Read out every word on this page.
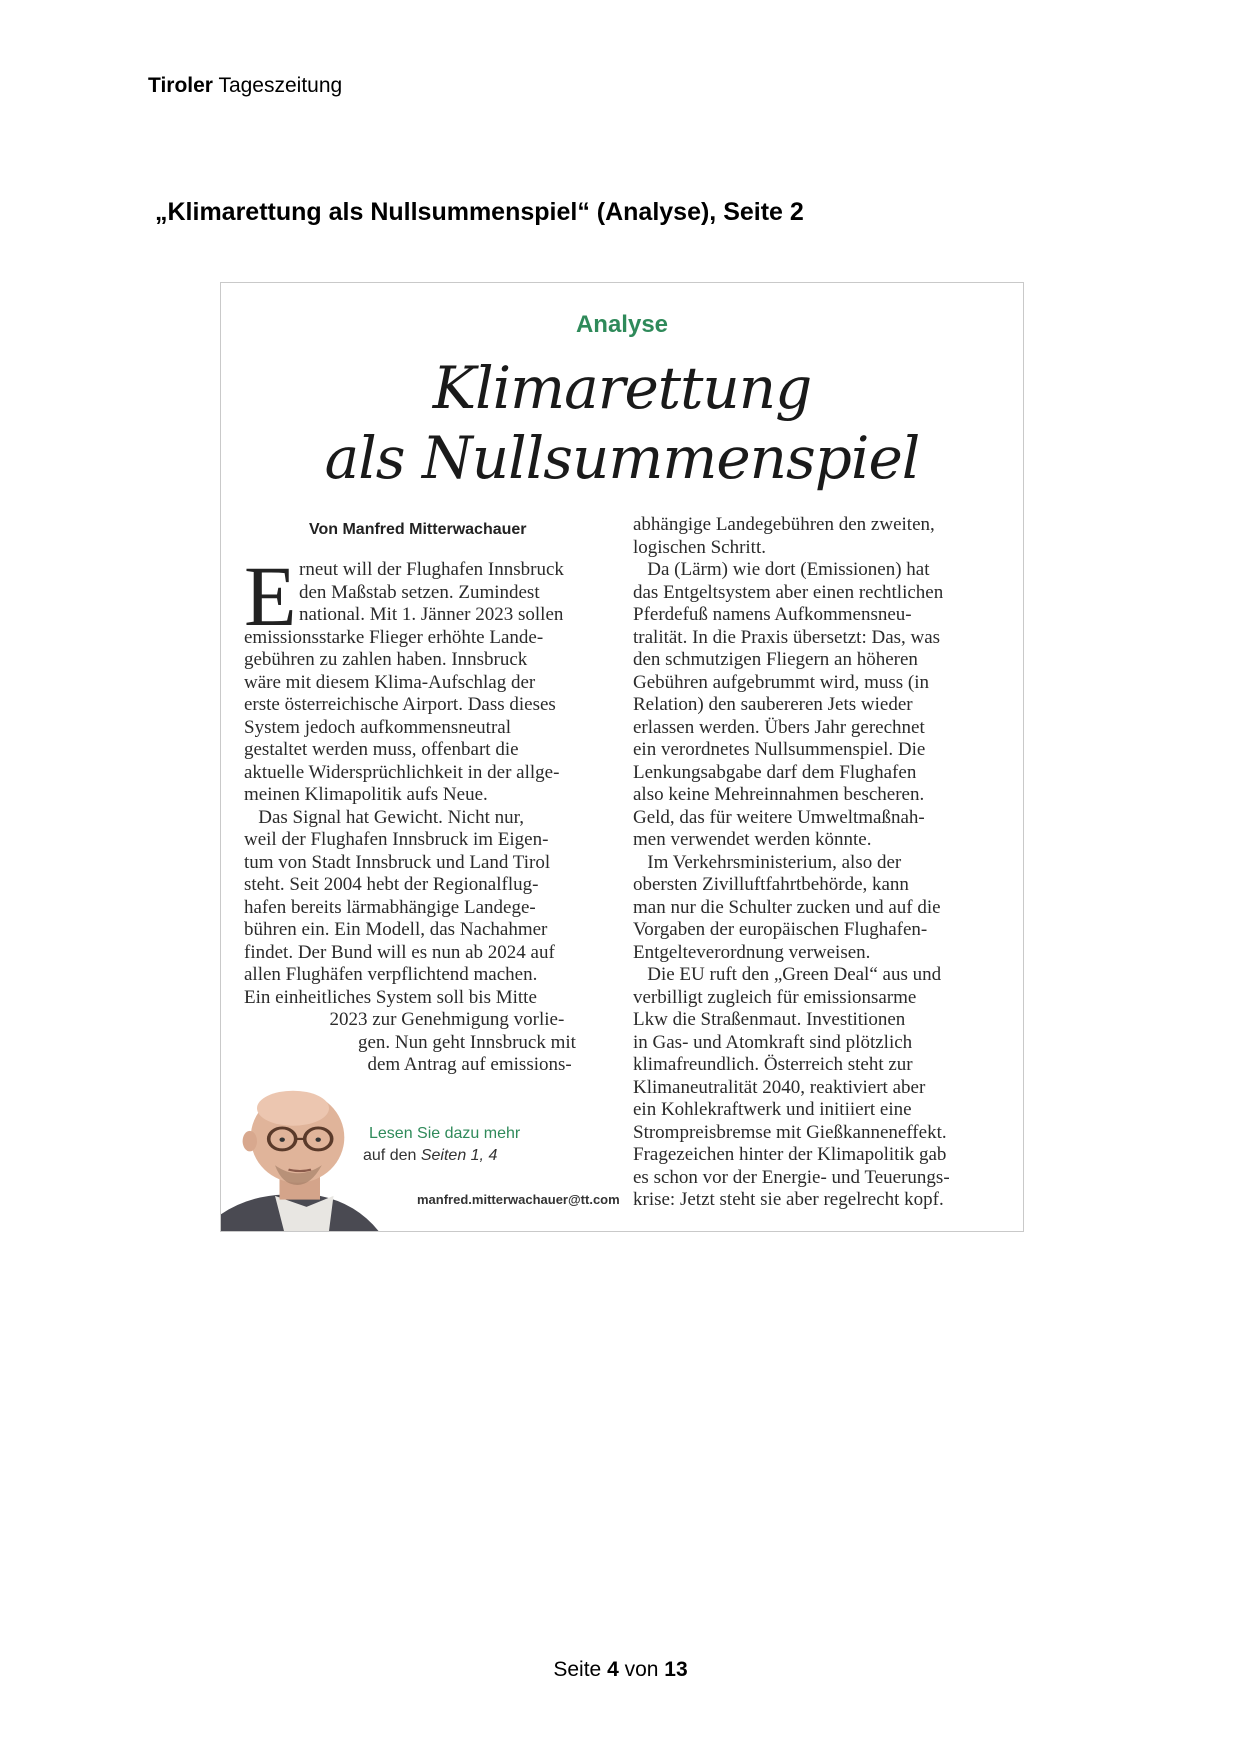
Tiroler Tageszeitung
„Klimarettung als Nullsummenspiel“ (Analyse), Seite 2
Analyse
Klimarettung
als Nullsummenspiel
Von Manfred Mitterwachauer
E rneut will der Flughafen Innsbruck
den Maßstab setzen. Zumindest
national. Mit 1. Jänner 2023 sollen
emissionsstarke Flieger erhöhte Lande-
gebühren zu zahlen haben. Innsbruck
wäre mit diesem Klima-Aufschlag der
erste österreichische Airport. Dass dieses
System jedoch aufkommensneutral
gestaltet werden muss, offenbart die
aktuelle Widersprüchlichkeit in der allge-
meinen Klimapolitik aufs Neue.
Das Signal hat Gewicht. Nicht nur,
weil der Flughafen Innsbruck im Eigen-
tum von Stadt Innsbruck und Land Tirol
steht. Seit 2004 hebt der Regionalflug-
hafen bereits lärmabhängige Landege-
bühren ein. Ein Modell, das Nachahmer
findet. Der Bund will es nun ab 2024 auf
allen Flughäfen verpflichtend machen.
Ein einheitliches System soll bis Mitte
2023 zur Genehmigung vorlie-
gen. Nun geht Innsbruck mit
dem Antrag auf emissions-
abhängige Landegebühren den zweiten,
logischen Schritt.
Da (Lärm) wie dort (Emissionen) hat
das Entgeltsystem aber einen rechtlichen
Pferdefuß namens Aufkommensneu-
tralität. In die Praxis übersetzt: Das, was
den schmutzigen Fliegern an höheren
Gebühren aufgebrummt wird, muss (in
Relation) den saubereren Jets wieder
erlassen werden. Übers Jahr gerechnet
ein verordnetes Nullsummenspiel. Die
Lenkungsabgabe darf dem Flughafen
also keine Mehreinnahmen bescheren.
Geld, das für weitere Umweltmaßnah-
men verwendet werden könnte.
Im Verkehrsministerium, also der
obersten Zivilluftfahrtbehörde, kann
man nur die Schulter zucken und auf die
Vorgaben der europäischen Flughafen-
Entgelteverordnung verweisen.
Die EU ruft den „Green Deal“ aus und
verbilligt zugleich für emissionsarme
Lkw die Straßenmaut. Investitionen
in Gas- und Atomkraft sind plötzlich
klimafreundlich. Österreich steht zur
Klimaneutralität 2040, reaktiviert aber
ein Kohlekraftwerk und initiiert eine
Strompreisbremse mit Gießkanneneffekt.
Fragezeichen hinter der Klimapolitik gab
es schon vor der Energie- und Teuerungs-
krise: Jetzt steht sie aber regelrecht kopf.
Lesen Sie dazu mehr
auf den Seiten 1, 4
manfred.mitterwachauer@tt.com
Seite 4 von 13
